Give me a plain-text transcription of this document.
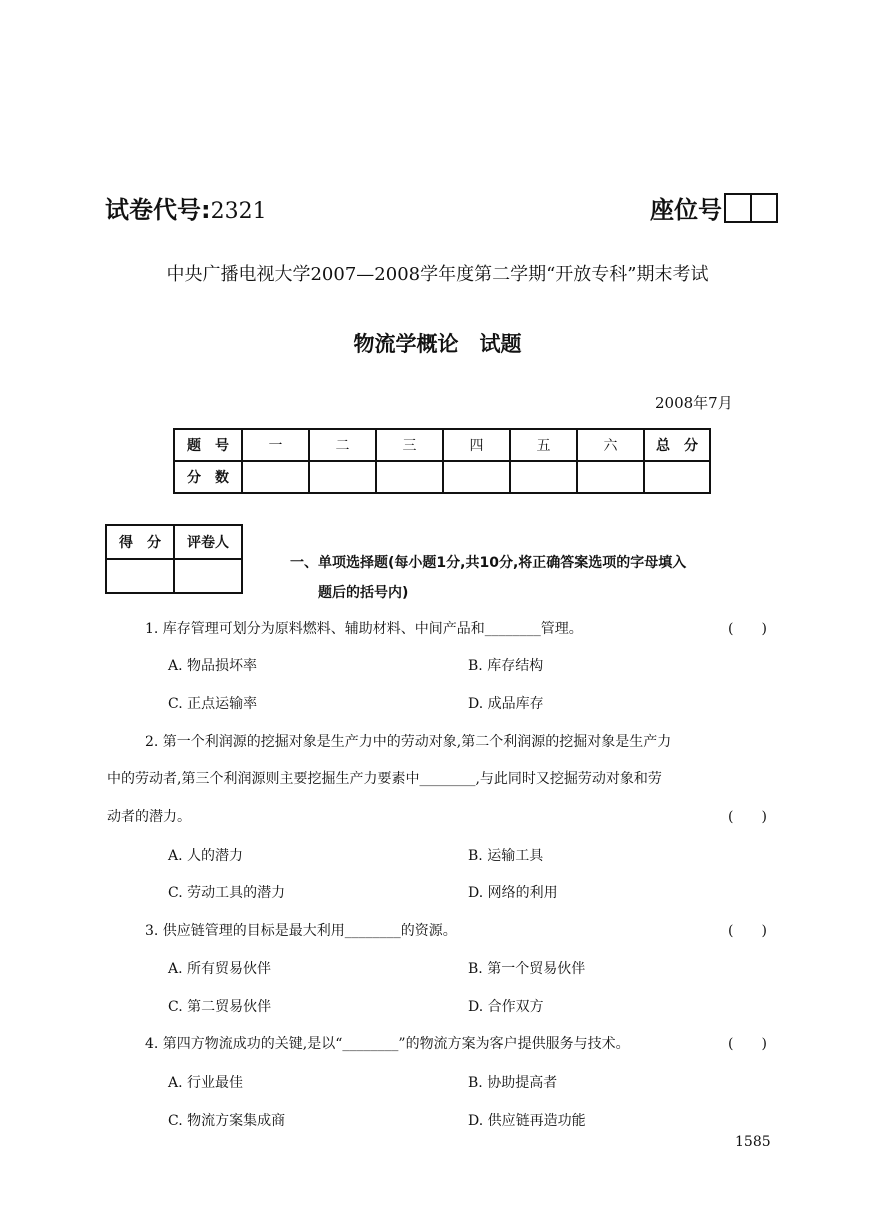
试卷代号:2321	座位号
中央广播电视大学2007—2008学年度第二学期“开放专科”期末考试
物流学概论　试题
2008年7月
题　号	一	二	三	四	五	六	总　分
分　数							
得　分	评卷人

一、单项选择题(每小题1分,共10分,将正确答案选项的字母填入
题后的括号内)
1. 库存管理可划分为原料燃料、辅助材料、中间产品和________管理。	(　　)
A. 物品损坏率	B. 库存结构
C. 正点运输率	D. 成品库存
2. 第一个利润源的挖掘对象是生产力中的劳动对象,第二个利润源的挖掘对象是生产力
中的劳动者,第三个利润源则主要挖掘生产力要素中________,与此同时又挖掘劳动对象和劳
动者的潜力。	(　　)
A. 人的潜力	B. 运输工具
C. 劳动工具的潜力	D. 网络的利用
3. 供应链管理的目标是最大利用________的资源。	(　　)
A. 所有贸易伙伴	B. 第一个贸易伙伴
C. 第二贸易伙伴	D. 合作双方
4. 第四方物流成功的关键,是以“________”的物流方案为客户提供服务与技术。	(　　)
A. 行业最佳	B. 协助提高者
C. 物流方案集成商	D. 供应链再造功能
1585
